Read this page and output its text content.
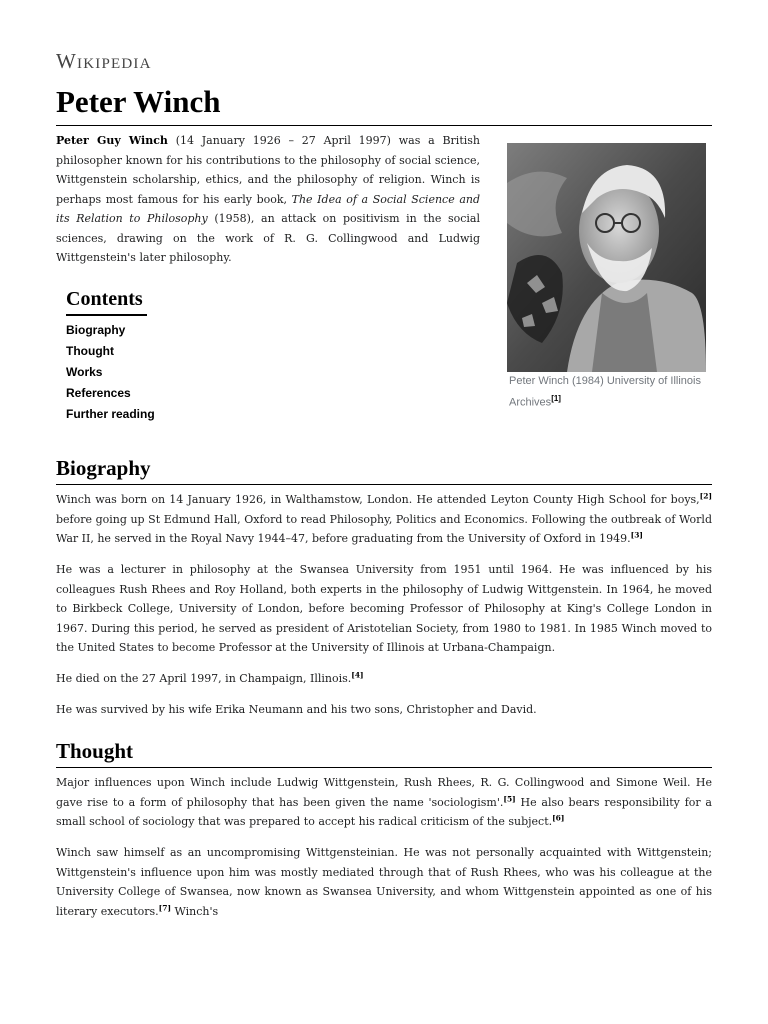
Wikipedia
Peter Winch

Peter Guy Winch (14 January 1926 – 27 April 1997) was a British philosopher known for his contributions to the philosophy of social science, Wittgenstein scholarship, ethics, and the philosophy of religion. Winch is perhaps most famous for his early book, The Idea of a Social Science and its Relation to Philosophy (1958), an attack on positivism in the social sciences, drawing on the work of R. G. Collingwood and Ludwig Wittgenstein's later philosophy.

Peter Winch (1984) University of Illinois Archives[1]
Contents
Biography
Thought
Works
References
Further reading
Biography

Winch was born on 14 January 1926, in Walthamstow, London. He attended Leyton County High School for boys,[2] before going up St Edmund Hall, Oxford to read Philosophy, Politics and Economics. Following the outbreak of World War II, he served in the Royal Navy 1944–47, before graduating from the University of Oxford in 1949.[3]

He was a lecturer in philosophy at the Swansea University from 1951 until 1964. He was influenced by his colleagues Rush Rhees and Roy Holland, both experts in the philosophy of Ludwig Wittgenstein. In 1964, he moved to Birkbeck College, University of London, before becoming Professor of Philosophy at King's College London in 1967. During this period, he served as president of Aristotelian Society, from 1980 to 1981. In 1985 Winch moved to the United States to become Professor at the University of Illinois at Urbana-Champaign.

He died on the 27 April 1997, in Champaign, Illinois.[4]

He was survived by his wife Erika Neumann and his two sons, Christopher and David.

Thought

Major influences upon Winch include Ludwig Wittgenstein, Rush Rhees, R. G. Collingwood and Simone Weil. He gave rise to a form of philosophy that has been given the name 'sociologism'.[5] He also bears responsibility for a small school of sociology that was prepared to accept his radical criticism of the subject.[6]

Winch saw himself as an uncompromising Wittgensteinian. He was not personally acquainted with Wittgenstein; Wittgenstein's influence upon him was mostly mediated through that of Rush Rhees, who was his colleague at the University College of Swansea, now known as Swansea University, and whom Wittgenstein appointed as one of his literary executors.[7] Winch's
